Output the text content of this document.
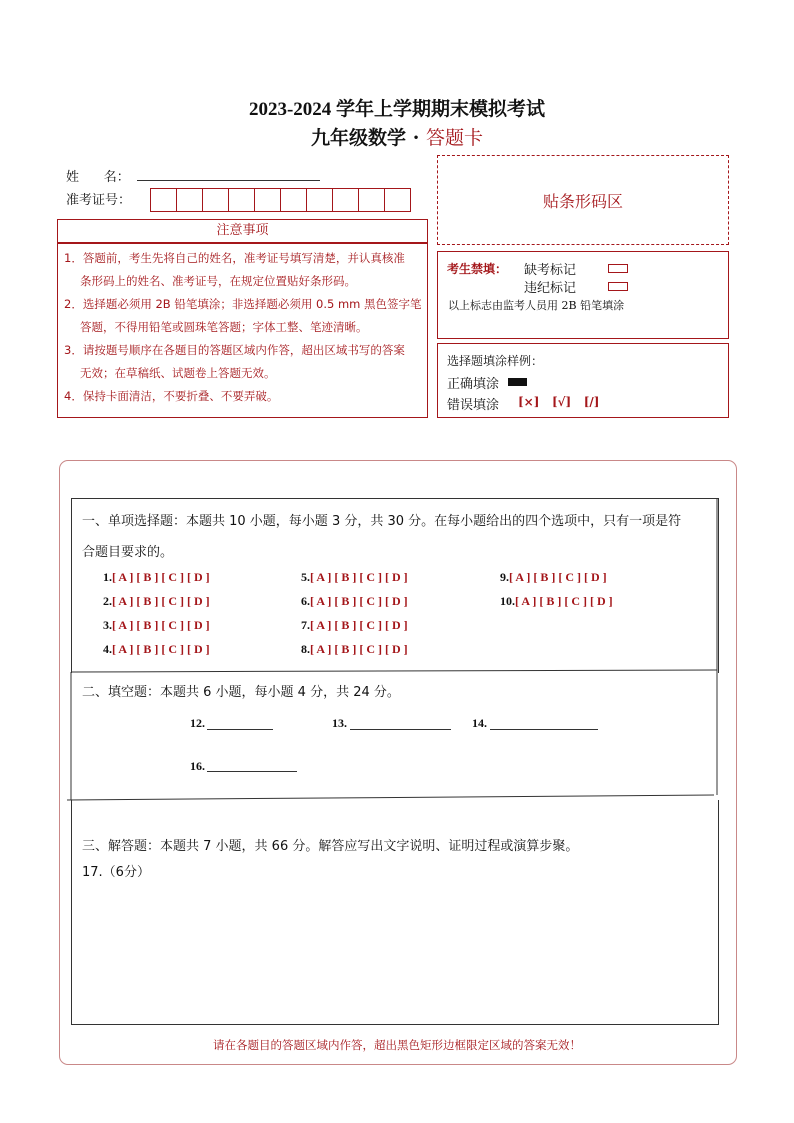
2023-2024 学年上学期期末模拟考试
九年级数学 · 答题卡
姓      名：
准考证号：	贴条形码区
注意事项
1．答题前，考生先将自己的姓名，准考证号填写清楚，并认真核准
条形码上的姓名、准考证号，在规定位置贴好条形码。
2．选择题必须用 2B 铅笔填涂；非选择题必须用 0.5 mm 黑色签字笔
答题，不得用铅笔或圆珠笔答题；字体工整、笔迹清晰。
3．请按题号顺序在各题目的答题区域内作答，超出区域书写的答案
无效；在草稿纸、试题卷上答题无效。
4．保持卡面清洁，不要折叠、不要弄破。
考生禁填： 缺考标记
违纪标记
以上标志由监考人员用 2B 铅笔填涂
选择题填涂样例：
正确填涂
错误填涂 [×]   [√]   [/]
一、单项选择题：本题共 10 小题，每小题 3 分，共 30 分。在每小题给出的四个选项中，只有一项是符
合题目要求的。
1.[ A ] [ B ] [ C ] [ D ]
2.[ A ] [ B ] [ C ] [ D ]
3.[ A ] [ B ] [ C ] [ D ]
4.[ A ] [ B ] [ C ] [ D ]
5.[ A ] [ B ] [ C ] [ D ]
6.[ A ] [ B ] [ C ] [ D ]
7.[ A ] [ B ] [ C ] [ D ]
8.[ A ] [ B ] [ C ] [ D ]
9.[ A ] [ B ] [ C ] [ D ]
10.[ A ] [ B ] [ C ] [ D ]
二、填空题：本题共 6 小题，每小题 4 分，共 24 分。
12.	13.	14.
16.
三、解答题：本题共 7 小题，共 66 分。解答应写出文字说明、证明过程或演算步聚。
17.（6分）
请在各题目的答题区域内作答，超出黑色矩形边框限定区域的答案无效！
